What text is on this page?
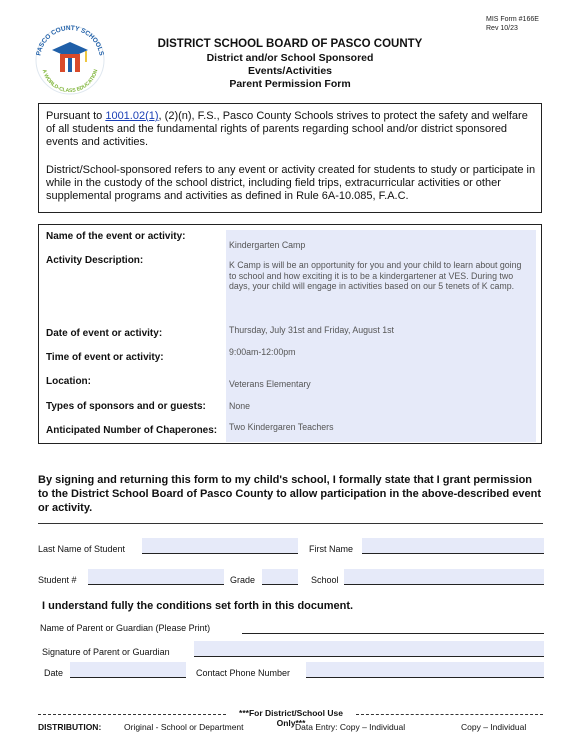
PASCO COUNTY SCHOOLS
A WORLD-CLASS EDUCATION
MIS Form #166E
Rev 10/23
DISTRICT SCHOOL BOARD OF PASCO COUNTY
District and/or School Sponsored
Events/Activities
Parent Permission Form
Pursuant to 1001.02(1), (2)(n), F.S., Pasco County Schools strives to protect the safety and welfare of all students and the fundamental rights of parents regarding school and/or district sponsored events and activities.
District/School-sponsored refers to any event or activity created for students to study or participate in while in the custody of the school district, including field trips, extracurricular activities or other supplemental programs and activities as defined in Rule 6A-10.085, F.A.C.
Name of the event or activity:
Kindergarten Camp
Activity Description:	K Camp is will be an opportunity for you and your child to learn about going to school and how exciting it is to be a kindergartener at VES. During two days, your child will engage in activities based on our 5 tenets of K camp.
Date of event or activity:	Thursday, July 31st and Friday, August 1st
Time of event or activity:	9:00am-12:00pm
Location:	Veterans Elementary
Types of sponsors and or guests:	None
Anticipated Number of Chaperones: Two Kindergaren Teachers
By signing and returning this form to my child's school, I formally state that I grant permission to the District School Board of Pasco County to allow participation in the above-described event or activity.
Last Name of Student	First Name
Student #	Grade	School
I understand fully the conditions set forth in this document.
Name of Parent or Guardian (Please Print)
Signature of Parent or Guardian
Date	Contact Phone Number
***For District/School Use Only***
DISTRIBUTION:	Original - School or Department	Data Entry: Copy – Individual	Copy – Individual
